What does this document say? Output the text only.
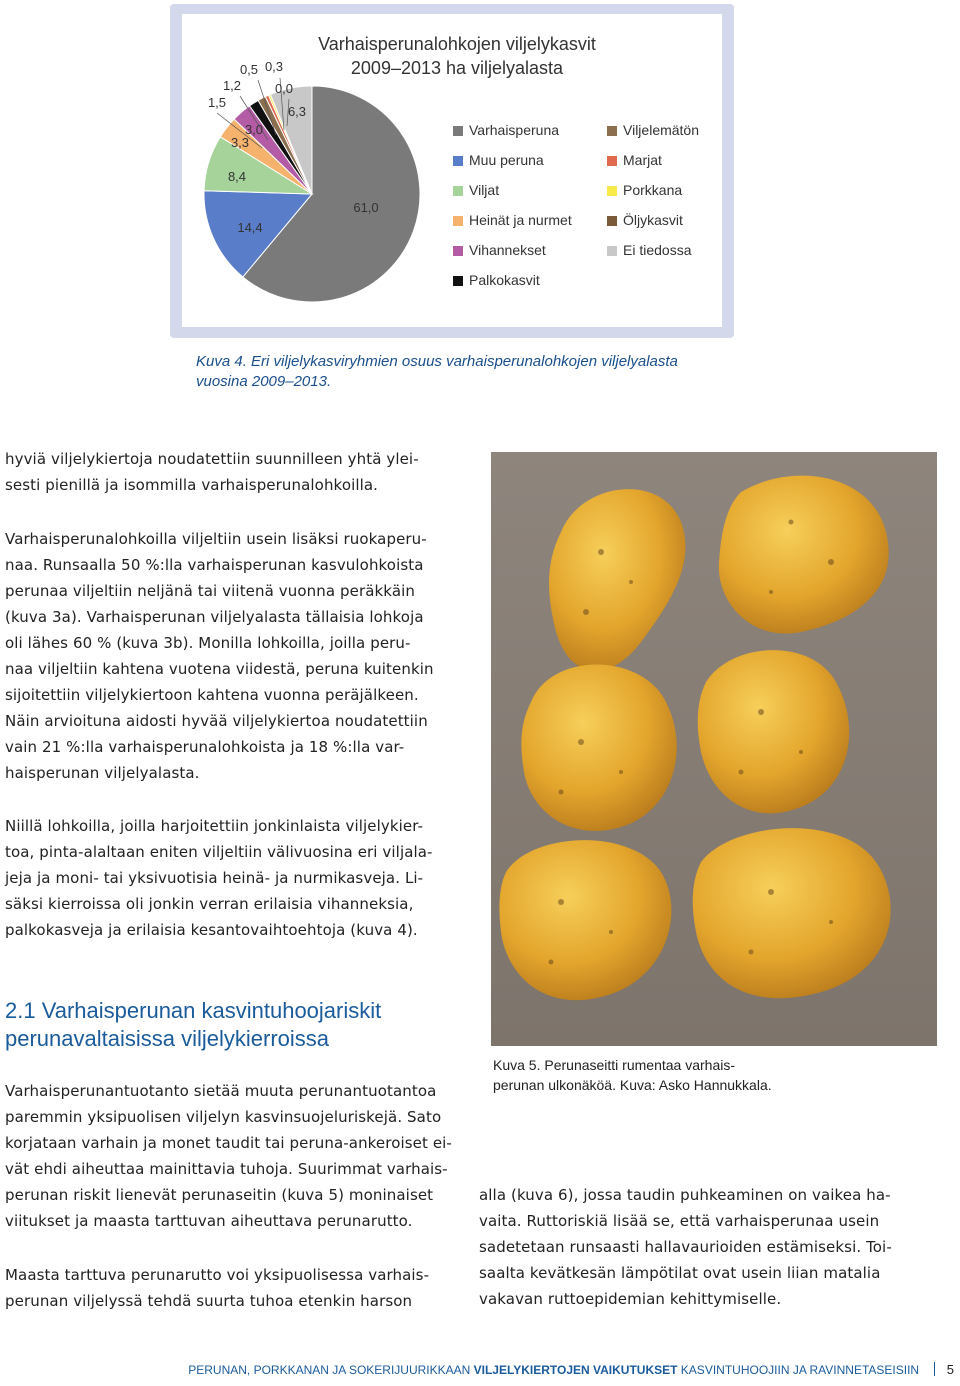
61,0
14,4
8,4
3,3
3,0
1,5
1,2
0,5 0,3
0,0
6,3
Varhaisperunalohkojen viljelykasvit
2009–2013 ha viljelyalasta
Varhaisperuna
Muu peruna
Viljat
Heinät ja nurmet
Vihannekset
Palkokasvit
Viljelemätön
Marjat
Porkkana
Öljykasvit
Ei tiedossa
Kuva 4. Eri viljelykasviryhmien osuus varhaisperunalohkojen viljelyalasta
vuosina 2009–2013.
hyviä viljelykiertoja noudatettiin suunnilleen yhtä ylei-
sesti pienillä ja isommilla varhaisperunalohkoilla.
Varhaisperunalohkoilla viljeltiin usein lisäksi ruokaperu-
naa. Runsaalla 50 %:lla varhaisperunan kasvulohkoista
perunaa viljeltiin neljänä tai viitenä vuonna peräkkäin
(kuva 3a). Varhaisperunan viljelyalasta tällaisia lohkoja
oli lähes 60 % (kuva 3b). Monilla lohkoilla, joilla peru-
naa viljeltiin kahtena vuotena viidestä, peruna kuitenkin
sijoitettiin viljelykiertoon kahtena vuonna peräjälkeen.
Näin arvioituna aidosti hyvää viljelykiertoa noudatettiin
vain 21 %:lla varhaisperunalohkoista ja 18 %:lla var-
haisperunan viljelyalasta.
Niillä lohkoilla, joilla harjoitettiin jonkinlaista viljelykier-
toa, pinta-alaltaan eniten viljeltiin välivuosina eri viljala-
jeja ja moni- tai yksivuotisia heinä- ja nurmikasveja. Li-
säksi kierroissa oli jonkin verran erilaisia vihanneksia,
palkokasveja ja erilaisia kesantovaihtoehtoja (kuva 4).
2.1 Varhaisperunan kasvintuhoojariskit
perunavaltaisissa viljelykierroissa
Varhaisperunantuotanto sietää muuta perunantuotantoa
paremmin yksipuolisen viljelyn kasvinsuojeluriskejä. Sato
korjataan varhain ja monet taudit tai peruna-ankeroiset ei-
vät ehdi aiheuttaa mainittavia tuhoja. Suurimmat varhais-
perunan riskit lienevät perunaseitin (kuva 5) moninaiset
viitukset ja maasta tarttuvan aiheuttava perunarutto.
Maasta tarttuva perunarutto voi yksipuolisessa varhais-
perunan viljelyssä tehdä suurta tuhoa etenkin harson
Kuva 5. Perunaseitti rumentaa varhais-
perunan ulkonäköä. Kuva: Asko Hannukkala.
alla (kuva 6), jossa taudin puhkeaminen on vaikea ha-
vaita. Ruttoriskiä lisää se, että varhaisperunaa usein
sadetetaan runsaasti hallavaurioiden estämiseksi. Toi-
saalta kevätkesän lämpötilat ovat usein liian matalia
vakavan ruttoepidemian kehittymiselle.
PERUNAN, PORKKANAN JA SOKERIJUURIKKAAN VILJELYKIERTOJEN VAIKUTUKSET KASVINTUHOOJIIN JA RAVINNETASEISIIN 5
